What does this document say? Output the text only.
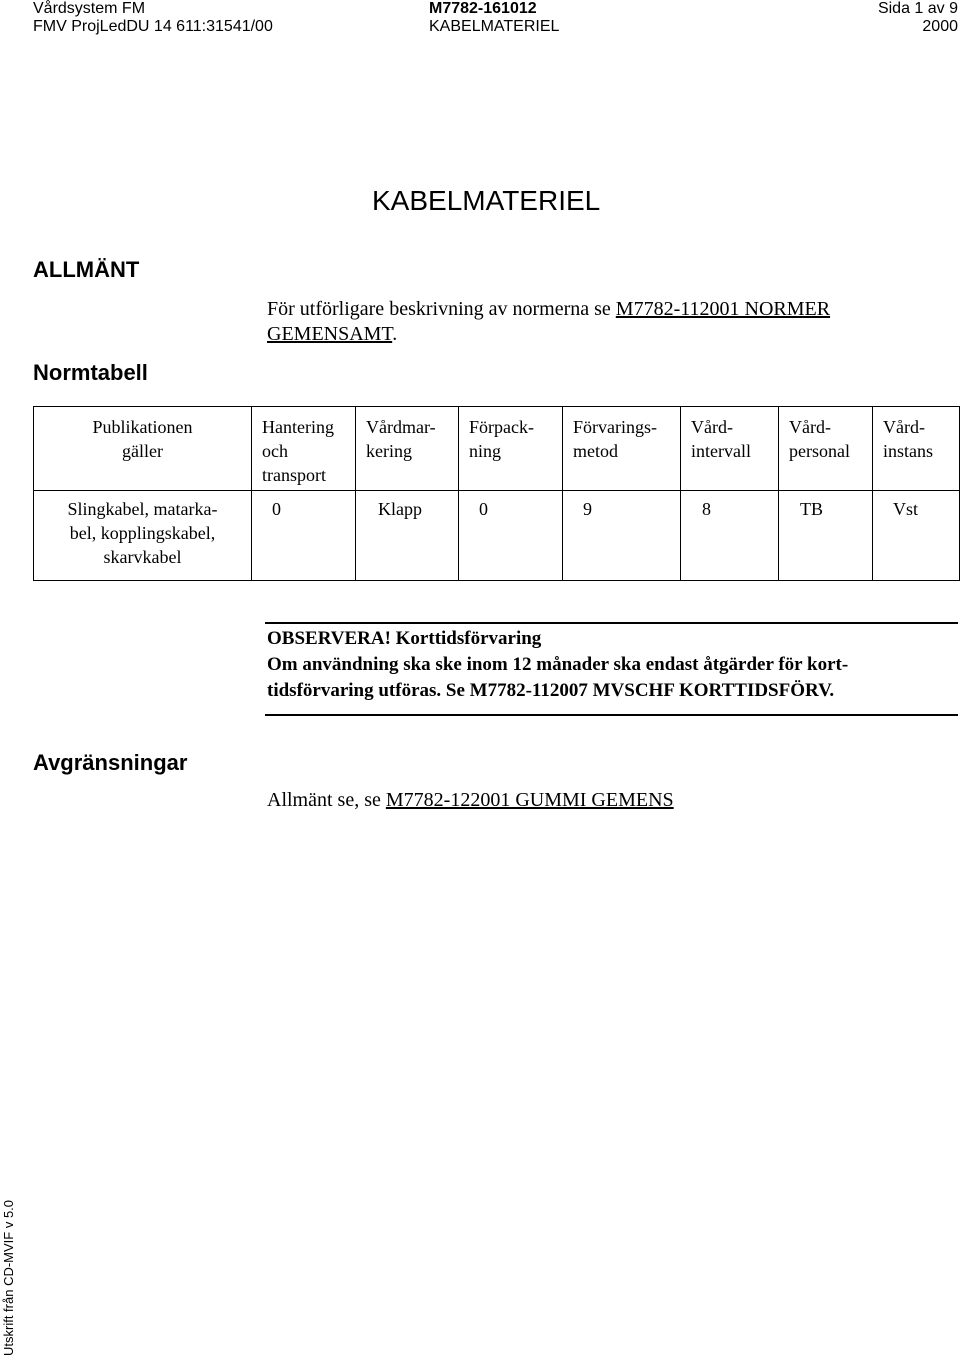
Vårdsystem FM
FMV ProjLedDU 14 611:31541/00
M7782-161012
KABELMATERIEL
Sida 1 av 9
2000
KABELMATERIEL
ALLMÄNT
Normtabell
För utförligare beskrivning av normerna se M7782-112001 NORMER
GEMENSAMT.
Publikationen
gäller	Hantering
och
transport	Vårdmar-
kering	Förpack-
ning	Förvarings-
metod	Vård-
intervall	Vård-
personal	Vård-
instans
Slingkabel, matarka-
bel, kopplingskabel,
skarvkabel	0	Klapp	0	9	8	TB	Vst
OBSERVERA! Korttidsförvaring
Om användning ska ske inom 12 månader ska endast åtgärder för kort-
tidsförvaring utföras. Se M7782-112007 MVSCHF KORTTIDSFÖRV.
Avgränsningar
Allmänt se, se M7782-122001 GUMMI GEMENS
Utskrift från CD-MVIF v 5.0
